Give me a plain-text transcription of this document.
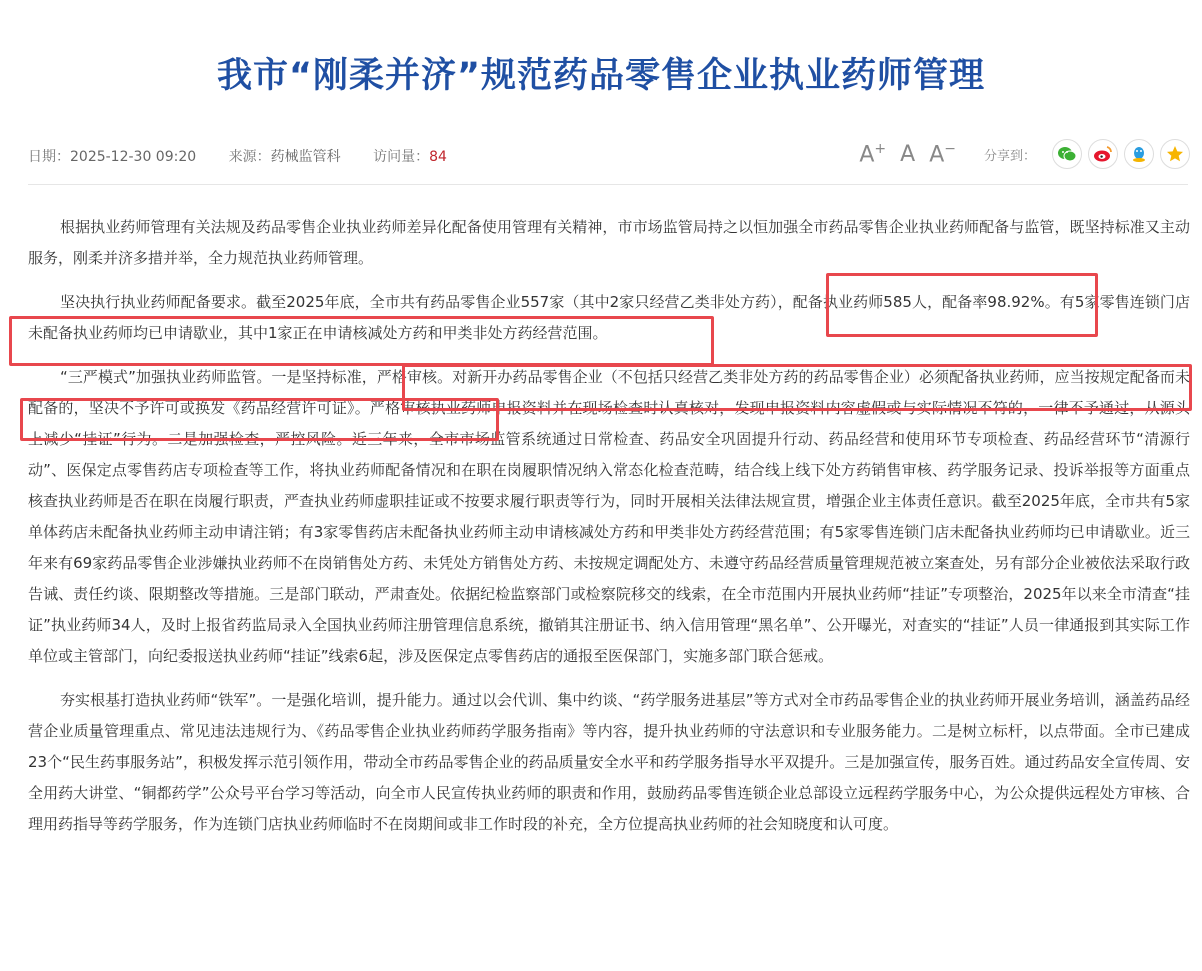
我市“刚柔并济”规范药品零售企业执业药师管理
日期：2025-12-30 09:20 来源：药械监管科 访问量：84	A+ A A− 分享到：

根据执业药师管理有关法规及药品零售企业执业药师差异化配备使用管理有关精神，市市场监管局持之以恒加强全市药品零售企业执业药师配备与监管，既坚持标准又主动服务，刚柔并济多措并举，全力规范执业药师管理。

坚决执行执业药师配备要求。截至2025年底，全市共有药品零售企业557家（其中2家只经营乙类非处方药），配备执业药师585人，配备率98.92%。有5家零售连锁门店未配备执业药师均已申请歇业，其中1家正在申请核减处方药和甲类非处方药经营范围。

“三严模式”加强执业药师监管。一是坚持标准，严格审核。对新开办药品零售企业（不包括只经营乙类非处方药的药品零售企业）必须配备执业药师，应当按规定配备而未配备的，坚决不予许可或换发《药品经营许可证》。严格审核执业药师申报资料并在现场检查时认真核对，发现申报资料内容虚假或与实际情况不符的，一律不予通过，从源头上减少“挂证”行为。二是加强检查，严控风险。近三年来，全市市场监管系统通过日常检查、药品安全巩固提升行动、药品经营和使用环节专项检查、药品经营环节“清源行动”、医保定点零售药店专项检查等工作，将执业药师配备情况和在职在岗履职情况纳入常态化检查范畴，结合线上线下处方药销售审核、药学服务记录、投诉举报等方面重点核查执业药师是否在职在岗履行职责，严查执业药师虚职挂证或不按要求履行职责等行为，同时开展相关法律法规宣贯，增强企业主体责任意识。截至2025年底，全市共有5家单体药店未配备执业药师主动申请注销；有3家零售药店未配备执业药师主动申请核减处方药和甲类非处方药经营范围；有5家零售连锁门店未配备执业药师均已申请歇业。近三年来有69家药品零售企业涉嫌执业药师不在岗销售处方药、未凭处方销售处方药、未按规定调配处方、未遵守药品经营质量管理规范被立案查处，另有部分企业被依法采取行政告诫、责任约谈、限期整改等措施。三是部门联动，严肃查处。依据纪检监察部门或检察院移交的线索，在全市范围内开展执业药师“挂证”专项整治，2025年以来全市清查“挂证”执业药师34人，及时上报省药监局录入全国执业药师注册管理信息系统，撤销其注册证书、纳入信用管理“黑名单”、公开曝光，对查实的“挂证”人员一律通报到其实际工作单位或主管部门，向纪委报送执业药师“挂证”线索6起，涉及医保定点零售药店的通报至医保部门，实施多部门联合惩戒。

夯实根基打造执业药师“铁军”。一是强化培训，提升能力。通过以会代训、集中约谈、“药学服务进基层”等方式对全市药品零售企业的执业药师开展业务培训，涵盖药品经营企业质量管理重点、常见违法违规行为、《药品零售企业执业药师药学服务指南》等内容，提升执业药师的守法意识和专业服务能力。二是树立标杆，以点带面。全市已建成23个“民生药事服务站”，积极发挥示范引领作用，带动全市药品零售企业的药品质量安全水平和药学服务指导水平双提升。三是加强宣传，服务百姓。通过药品安全宣传周、安全用药大讲堂、“铜都药学”公众号平台学习等活动，向全市人民宣传执业药师的职责和作用，鼓励药品零售连锁企业总部设立远程药学服务中心，为公众提供远程处方审核、合理用药指导等药学服务，作为连锁门店执业药师临时不在岗期间或非工作时段的补充，全方位提高执业药师的社会知晓度和认可度。
